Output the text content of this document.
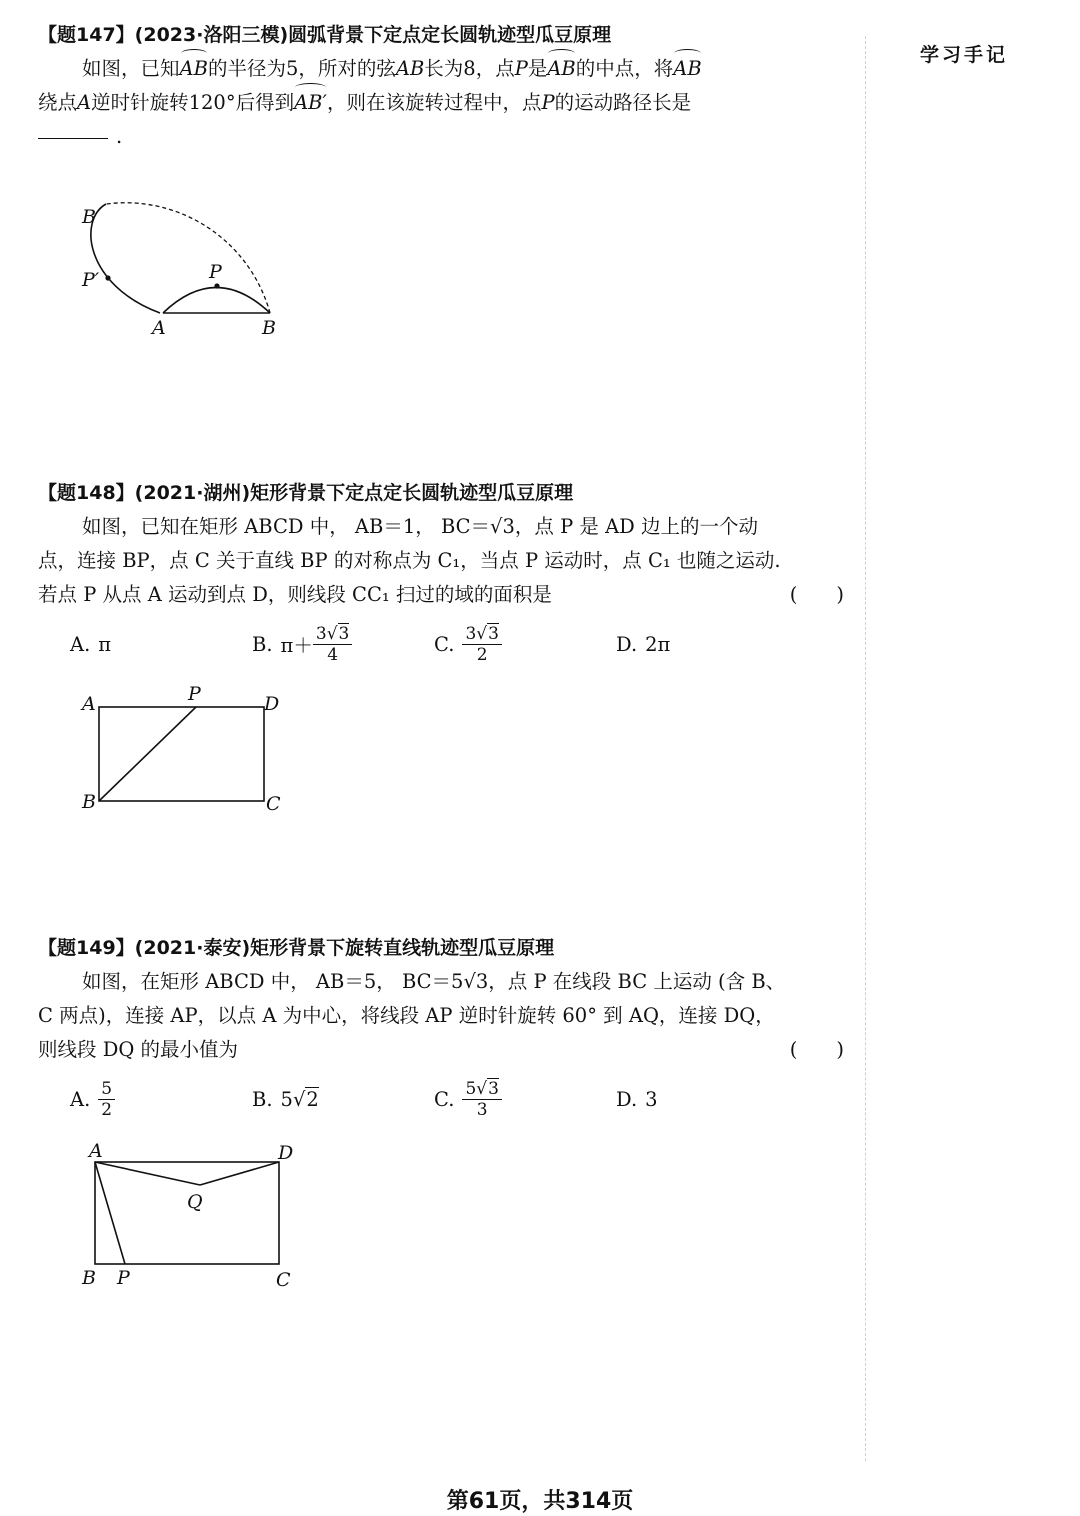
学习手记
【题147】(2023·洛阳三模)圆弧背景下定点定长圆轨迹型瓜豆原理
如图，已知AB的半径为5，所对的弦AB长为8，点P是AB的中点，将AB
绕点A逆时针旋转120°后得到AB′，则在该旋转过程中，点P的运动路径长是
.
B′
P′	P
A	B
【题148】(2021·湖州)矩形背景下定点定长圆轨迹型瓜豆原理
如图，已知在矩形 ABCD 中， AB＝1， BC＝√3，点 P 是 AD 边上的一个动
点，连接 BP，点 C 关于直线 BP 的对称点为 C₁，当点 P 运动时，点 C₁ 也随之运动.
若点 P 从点 A 运动到点 D，则线段 CC₁ 扫过的域的面积是	(　　)
A. π	B. $\pi+ \frac{3√3}{4}$	C. $\frac{3√3}{2}$	D. 2π
A	P	D
B	C
【题149】(2021·泰安)矩形背景下旋转直线轨迹型瓜豆原理
如图，在矩形 ABCD 中， AB＝5， BC＝5√3，点 P 在线段 BC 上运动 (含 B、
C 两点)，连接 AP，以点 A 为中心，将线段 AP 逆时针旋转 60° 到 AQ，连接 DQ，
则线段 DQ 的最小值为	(　　)
A. $\frac{5}{2}$	B. 5 √2	C. $\frac{5√3}{3}$	D. 3
A	D
Q
B P	C
第61页，共314页
